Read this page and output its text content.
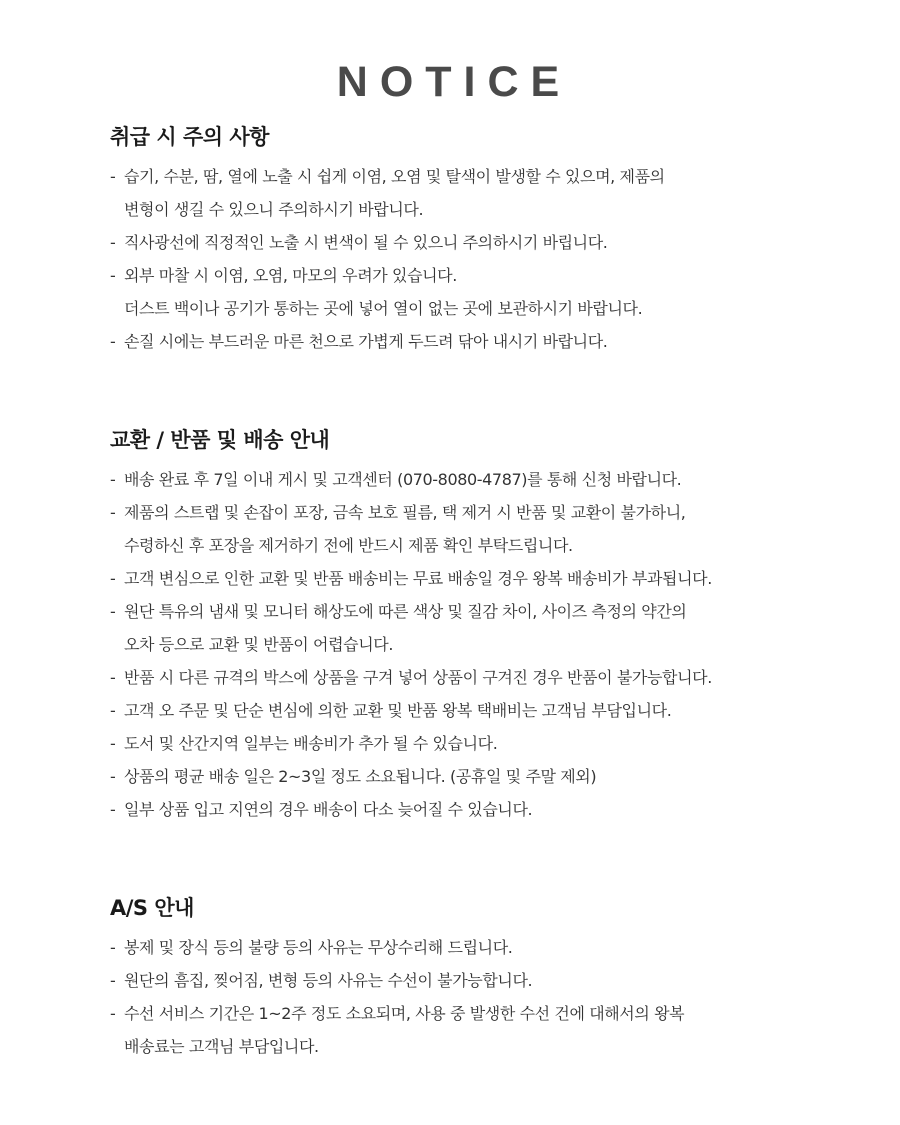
NOTICE
취급 시 주의 사항
- 습기, 수분, 땀, 열에 노출 시 쉽게 이염, 오염 및 탈색이 발생할 수 있으며, 제품의
변형이 생길 수 있으니 주의하시기 바랍니다.
- 직사광선에 직정적인 노출 시 변색이 될 수 있으니 주의하시기 바립니다.
- 외부 마찰 시 이염, 오염, 마모의 우려가 있습니다.
더스트 백이나 공기가 통하는 곳에 넣어 열이 없는 곳에 보관하시기 바랍니다.
- 손질 시에는 부드러운 마른 천으로 가볍게 두드려 닦아 내시기 바랍니다.
교환 / 반품 및 배송 안내
- 배송 완료 후 7일 이내 게시 및 고객센터 (070-8080-4787)를 통해 신청 바랍니다.
- 제품의 스트랩 및 손잡이 포장, 금속 보호 필름, 택 제거 시 반품 및 교환이 불가하니,
수령하신 후 포장을 제거하기 전에 반드시 제품 확인 부탁드립니다.
- 고객 변심으로 인한 교환 및 반품 배송비는 무료 배송일 경우 왕복 배송비가 부과됩니다.
- 원단 특유의 냄새 및 모니터 해상도에 따른 색상 및 질감 차이, 사이즈 측정의 약간의
오차 등으로 교환 및 반품이 어렵습니다.
- 반품 시 다른 규격의 박스에 상품을 구겨 넣어 상품이 구겨진 경우 반품이 불가능합니다.
- 고객 오 주문 및 단순 변심에 의한 교환 및 반품 왕복 택배비는 고객님 부담입니다.
- 도서 및 산간지역 일부는 배송비가 추가 될 수 있습니다.
- 상품의 평균 배송 일은 2~3일 정도 소요됩니다. (공휴일 및 주말 제외)
- 일부 상품 입고 지연의 경우 배송이 다소 늦어질 수 있습니다.
A/S 안내
- 봉제 및 장식 등의 불량 등의 사유는 무상수리해 드립니다.
- 원단의 흠집, 찢어짐, 변형 등의 사유는 수선이 불가능합니다.
- 수선 서비스 기간은 1~2주 정도 소요되며, 사용 중 발생한 수선 건에 대해서의 왕복
배송료는 고객님 부담입니다.
